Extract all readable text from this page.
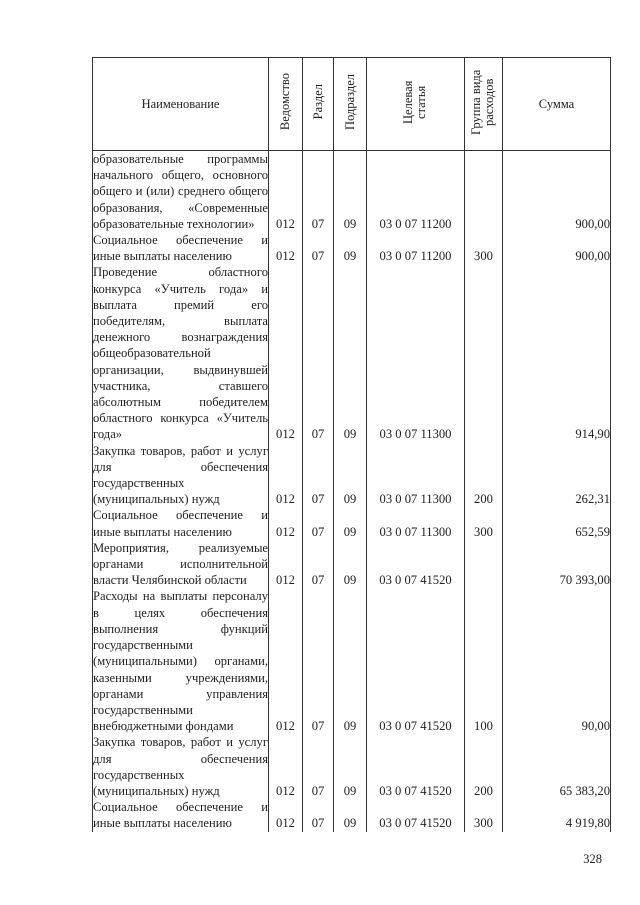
Наименование	Ведомство	Раздел	Подраздел	Целевая статья	Группа вида расходов	Сумма
образовательные программы начального общего, основного общего и (или) среднего общего образования, «Современные образовательные технологии»	012	07	09	03 0 07 11200		900,00
Социальное обеспечение и иные выплаты населению	012	07	09	03 0 07 11200	300	900,00
Проведение областного конкурса «Учитель года» и выплата премий его победителям, выплата денежного вознаграждения общеобразовательной организации, выдвинувшей участника, ставшего абсолютным победителем областного конкурса «Учитель года»	012	07	09	03 0 07 11300		914,90
Закупка товаров, работ и услуг для обеспечения государственных (муниципальных) нужд	012	07	09	03 0 07 11300	200	262,31
Социальное обеспечение и иные выплаты населению	012	07	09	03 0 07 11300	300	652,59
Мероприятия, реализуемые органами исполнительной власти Челябинской области	012	07	09	03 0 07 41520		70 393,00
Расходы на выплаты персоналу в целях обеспечения выполнения функций государственными (муниципальными) органами, казенными учреждениями, органами управления государственными внебюджетными фондами	012	07	09	03 0 07 41520	100	90,00
Закупка товаров, работ и услуг для обеспечения государственных (муниципальных) нужд	012	07	09	03 0 07 41520	200	65 383,20
Социальное обеспечение и иные выплаты населению	012	07	09	03 0 07 41520	300	4 919,80

328
